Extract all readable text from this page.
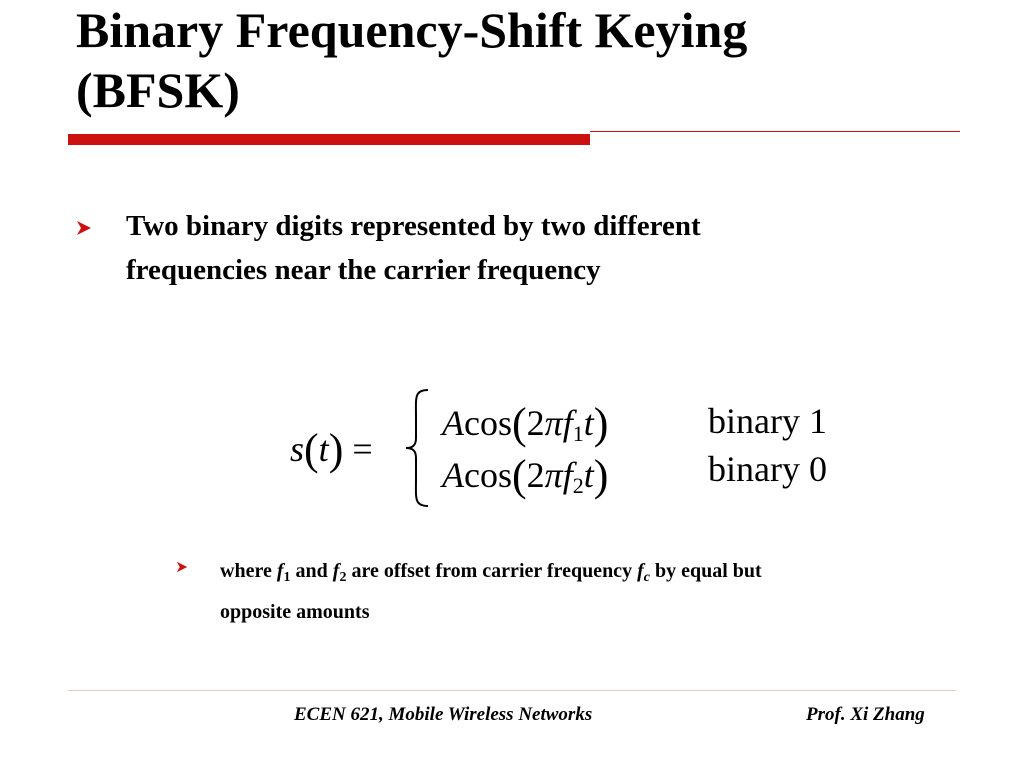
Binary Frequency-Shift Keying
(BFSK)
Two binary digits represented by two different
frequencies near the carrier frequency
s(t) =
$Acos(2\pi f_1t)$
$Acos(2\pi f_2t)$
binary 1
binary 0
where $f_1$ and $f_2$ are offset from carrier frequency $f_c$ by equal but
opposite amounts
ECEN 621, Mobile Wireless Networks	Prof. Xi Zhang
